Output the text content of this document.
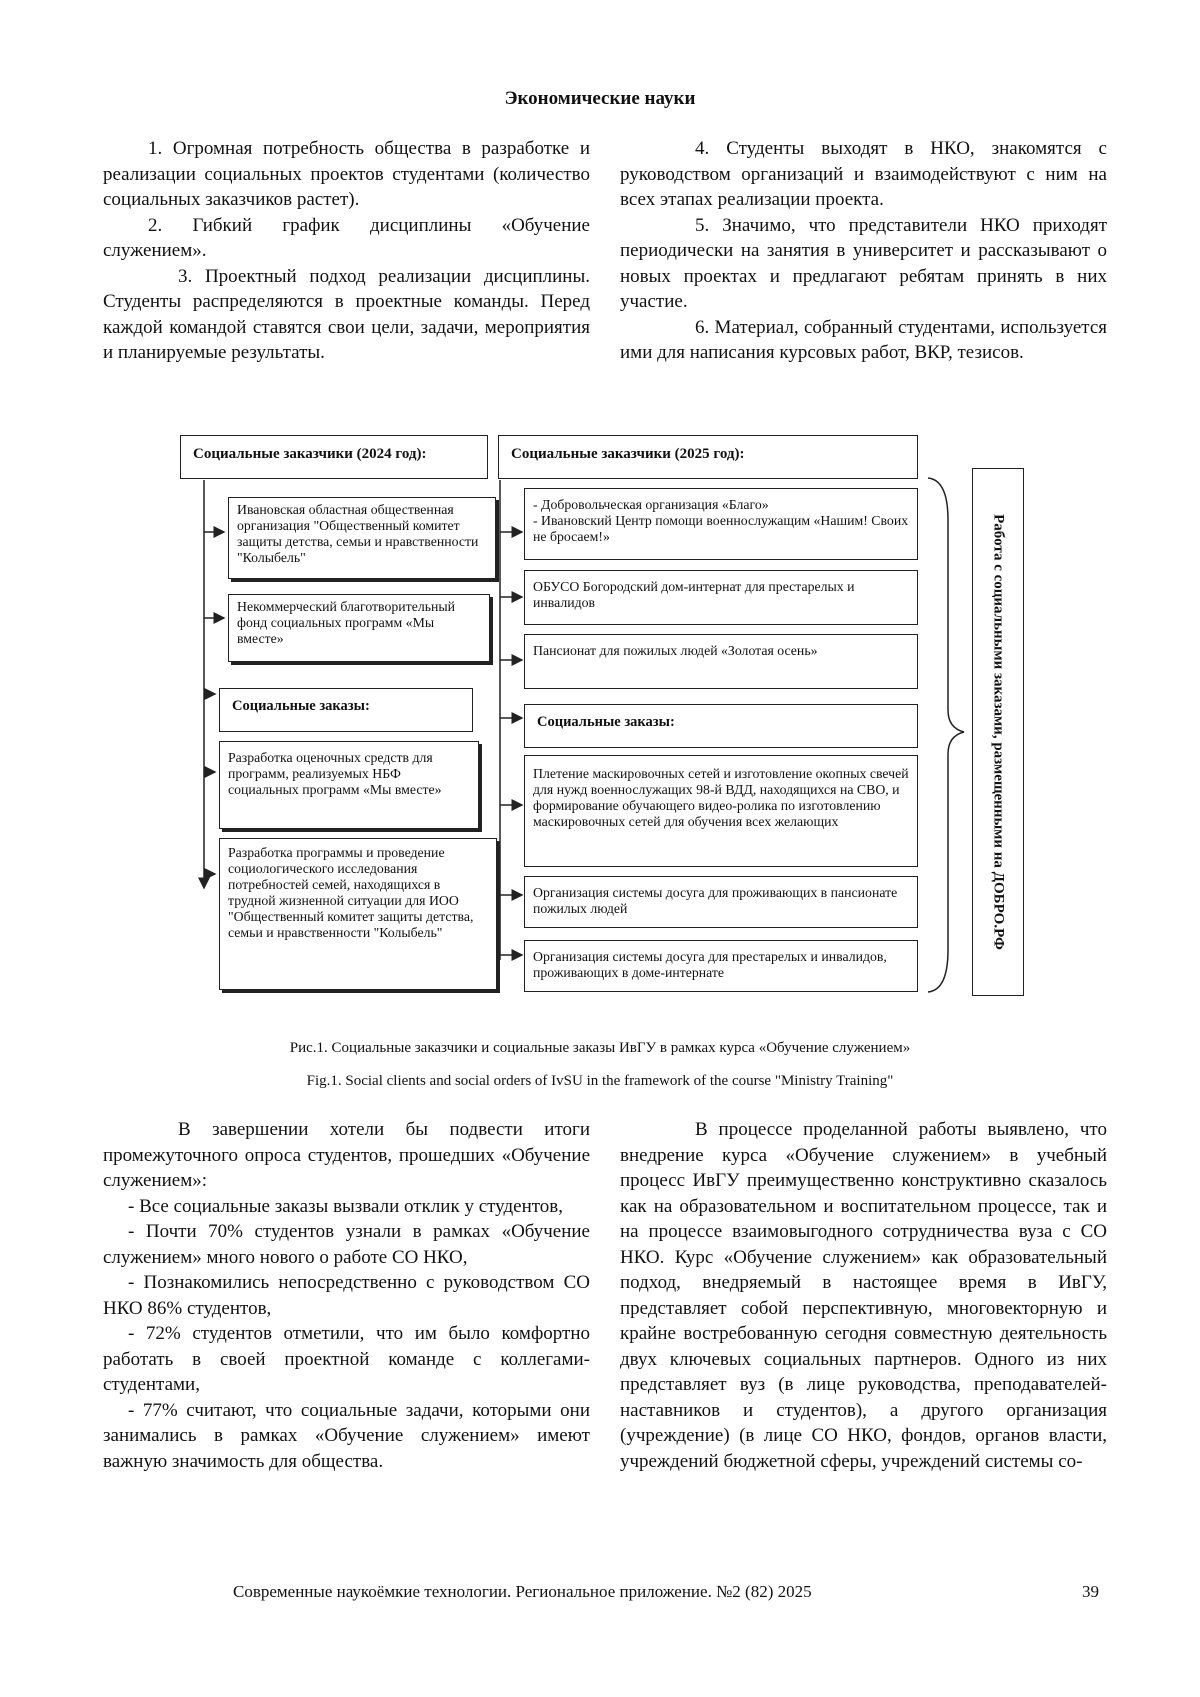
Экономические науки

1. Огромная потребность общества в разработке и реализации социальных проектов студентами (количество социальных заказчиков растет).

2. Гибкий график дисциплины «Обучение служением».

3. Проектный подход реализации дисциплины. Студенты распределяются в проектные команды. Перед каждой командой ставятся свои цели, задачи, мероприятия и планируемые результаты.

4. Студенты выходят в НКО, знакомятся с руководством организаций и взаимодействуют с ним на всех этапах реализации проекта.

5. Значимо, что представители НКО приходят периодически на занятия в университет и рассказывают о новых проектах и предлагают ребятам принять в них участие.

6. Материал, собранный студентами, используется ими для написания курсовых работ, ВКР, тезисов.

Социальные заказчики (2024 год):	Социальные заказчики (2025 год):
Ивановская областная общественная организация "Общественный комитет защиты детства, семьи и нравственности "Колыбель"
Некоммерческий благотворительный фонд социальных программ «Мы вместе»
Социальные заказы:
Разработка оценочных средств для программ, реализуемых НБФ социальных программ «Мы вместе»
Разработка программы и проведение социологического исследования потребностей семей, находящихся в трудной жизненной ситуации для ИОО "Общественный комитет защиты детства, семьи и нравственности "Колыбель"
- Добровольческая организация «Благо»
- Ивановский Центр помощи военнослужащим «Нашим! Своих не бросаем!»
ОБУСО Богородский дом-интернат для престарелых и инвалидов
Пансионат для пожилых людей «Золотая осень»
Социальные заказы:
Плетение маскировочных сетей и изготовление окопных свечей для нужд военнослужащих 98-й ВДД, находящихся на СВО, и формирование обучающего видео-ролика по изготовлению маскировочных сетей для обучения всех желающих
Организация системы досуга для проживающих в пансионате пожилых людей
Организация системы досуга для престарелых и инвалидов, проживающих в доме-интернате
Работа с социальными заказами, размещенными на ДОБРО.РФ
Рис.1. Социальные заказчики и социальные заказы ИвГУ в рамках курса «Обучение служением»
Fig.1. Social clients and social orders of IvSU in the framework of the course "Ministry Training"

В завершении хотели бы подвести итоги промежуточного опроса студентов, прошедших «Обучение служением»:

- Все социальные заказы вызвали отклик у студентов,

- Почти 70% студентов узнали в рамках «Обучение служением» много нового о работе СО НКО,

- Познакомились непосредственно с руководством СО НКО 86% студентов,

- 72% студентов отметили, что им было комфортно работать в своей проектной команде с коллегами-студентами,

- 77% считают, что социальные задачи, которыми они занимались в рамках «Обучение служением» имеют важную значимость для общества.

В процессе проделанной работы выявлено, что внедрение курса «Обучение служением» в учебный процесс ИвГУ преимущественно конструктивно сказалось как на образовательном и воспитательном процессе, так и на процессе взаимовыгодного сотрудничества вуза с СО НКО. Курс «Обучение служением» как образовательный подход, внедряемый в настоящее время в ИвГУ, представляет собой перспективную, многовекторную и крайне востребованную сегодня совместную деятельность двух ключевых социальных партнеров. Одного из них представляет вуз (в лице руководства, преподавателей-наставников и студентов), а другого организация (учреждение) (в лице СО НКО, фондов, органов власти, учреждений бюджетной сферы, учреждений системы со-

Современные наукоёмкие технологии. Региональное приложение. №2 (82) 2025	39
